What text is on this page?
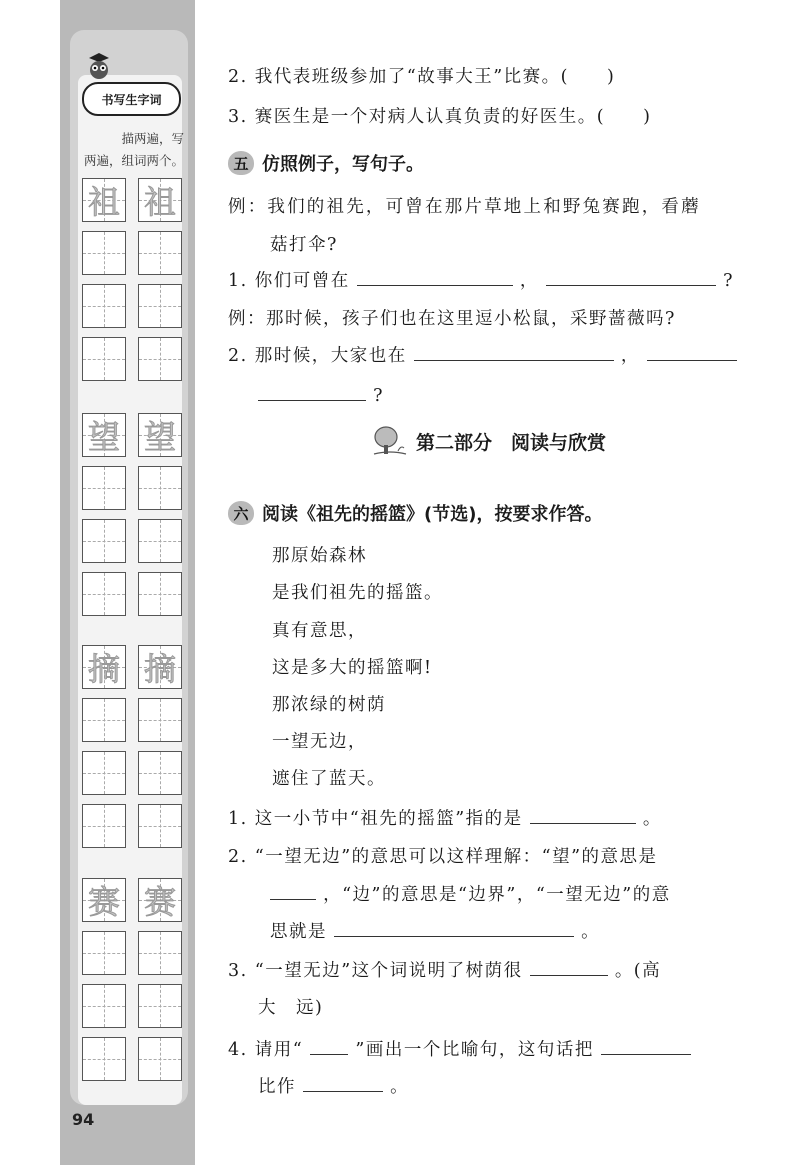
书写生字词
描两遍，写
两遍，组词两个。
祖 祖
望 望
摘 摘
赛 赛
94
2. 我代表班级参加了“故事大王”比赛。(　　)
3. 赛医生是一个对病人认真负责的好医生。(　　)
五 仿照例子，写句子。
例：我们的祖先，可曾在那片草地上和野兔赛跑，看蘑
菇打伞?
1. 你们可曾在	，	?
例：那时候，孩子们也在这里逗小松鼠，采野蔷薇吗?
2. 那时候，大家也在	，
?
第二部分　阅读与欣赏
六 阅读《祖先的摇篮》(节选)，按要求作答。
那原始森林
是我们祖先的摇篮。
真有意思，
这是多大的摇篮啊!
那浓绿的树荫
一望无边，
遮住了蓝天。
1. 这一小节中“祖先的摇篮”指的是	。
2. “一望无边”的意思可以这样理解：“望”的意思是
，“边”的意思是“边界”，“一望无边”的意
思就是	。
3. “一望无边”这个词说明了树荫很	。(高
大　远)
4. 请用“	”画出一个比喻句，这句话把
比作	。
